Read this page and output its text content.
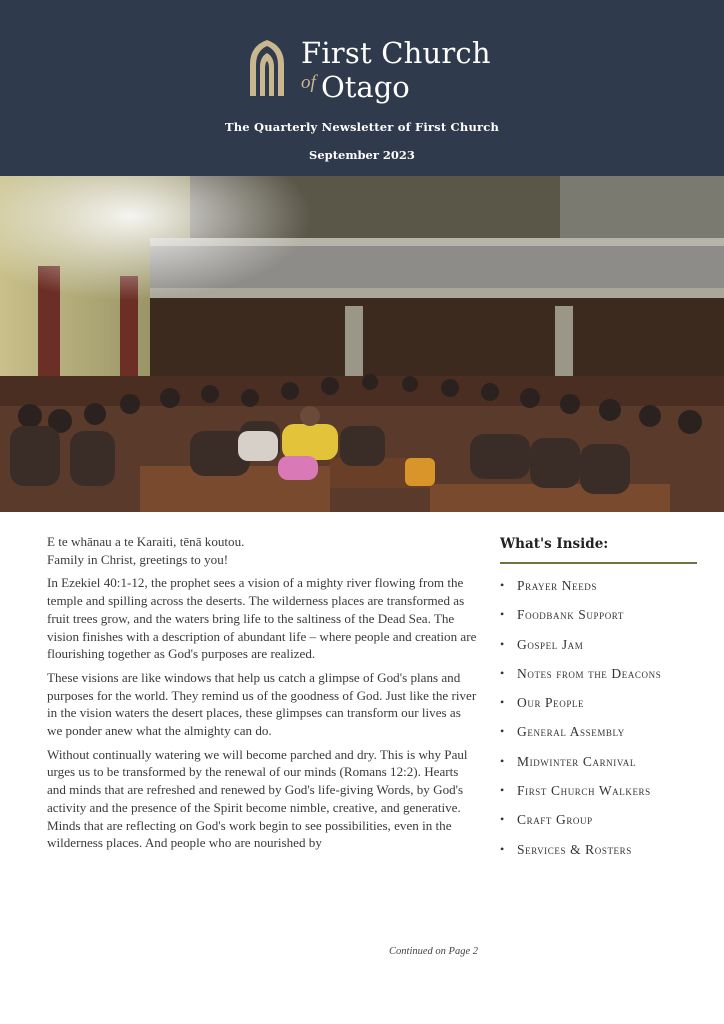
First Church
of Otago
The Quarterly Newsletter of First Church
September 2023

E te whānau a te Karaiti, tēnā koutou.

Family in Christ, greetings to you!

In Ezekiel 40:1-12, the prophet sees a vision of a mighty river flowing from the temple and spilling across the deserts. The wilderness places are transformed as fruit trees grow, and the waters bring life to the saltiness of the Dead Sea. The vision finishes with a description of abundant life – where people and creation are flourishing together as God's purposes are realized.

These visions are like windows that help us catch a glimpse of God's plans and purposes for the world. They remind us of the goodness of God. Just like the river in the vision waters the desert places, these glimpses can transform our lives as we ponder anew what the almighty can do.

Without continually watering we will become parched and dry. This is why Paul urges us to be transformed by the renewal of our minds (Romans 12:2). Hearts and minds that are refreshed and renewed by God's life-giving Words, by God's activity and the presence of the Spirit become nimble, creative, and generative. Minds that are reflecting on God's work begin to see possibilities, even in the wilderness places. And people who are nourished by

Continued on Page 2
What's Inside:
• Prayer Needs
• Foodbank Support
• Gospel Jam
• Notes from the Deacons
• Our People
• General Assembly
• Midwinter Carnival
• First Church Walkers
• Craft Group
• Services & Rosters
